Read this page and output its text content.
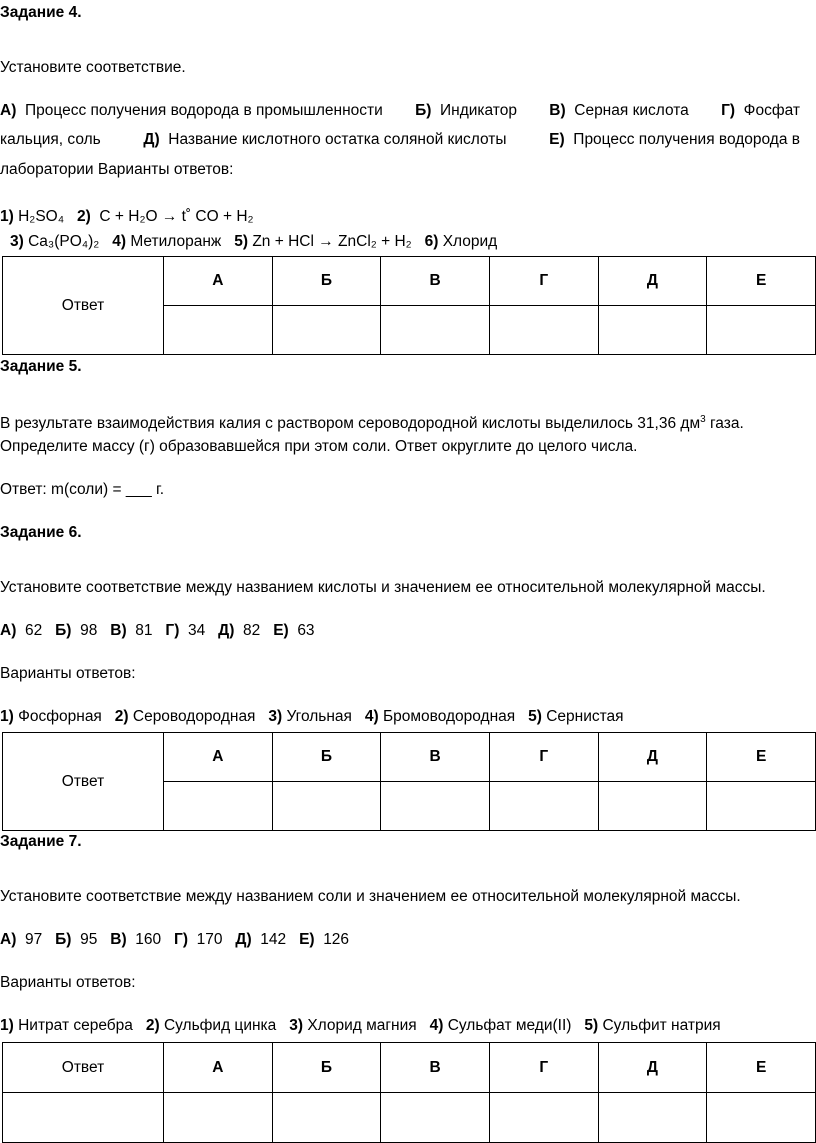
Задание 4.
Установите соответствие.
А) Процесс получения водорода в промышленности Б) Индикатор В) Серная кислота Г) Фосфат
кальция, соль	Д) Название кислотного остатка соляной кислоты	Е) Процесс получения водорода в
лаборатории Варианты ответов:
1) H₂SO₄ 2) C + H₂O → t˚ CO + H₂
3) Ca₃(PO₄)₂ 4) Метилоранж 5) Zn + HCl → ZnCl₂ + H₂ 6) Хлорид
Ответ	А	Б	В	Г	Д	Е

Задание 5.
В результате взаимодействия калия с раствором сероводородной кислоты выделилось 31,36 $дм^3$ газа.
Определите массу (г) образовавшейся при этом соли. Ответ округлите до целого числа.
Ответ: m(соли) = ___ г.
Задание 6.
Установите соответствие между названием кислоты и значением ее относительной молекулярной массы.
А) 62 Б) 98 В) 81 Г) 34 Д) 82 Е) 63
Варианты ответов:
1) Фосфорная 2) Сероводородная 3) Угольная 4) Бромоводородная 5) Сернистая
Ответ	А	Б	В	Г	Д	Е

Задание 7.
Установите соответствие между названием соли и значением ее относительной молекулярной массы.
А) 97 Б) 95 В) 160 Г) 170 Д) 142 Е) 126
Варианты ответов:
1) Нитрат серебра 2) Сульфид цинка 3) Хлорид магния 4) Сульфат меди(II) 5) Сульфит натрия
Ответ	А	Б	В	Г	Д	Е
